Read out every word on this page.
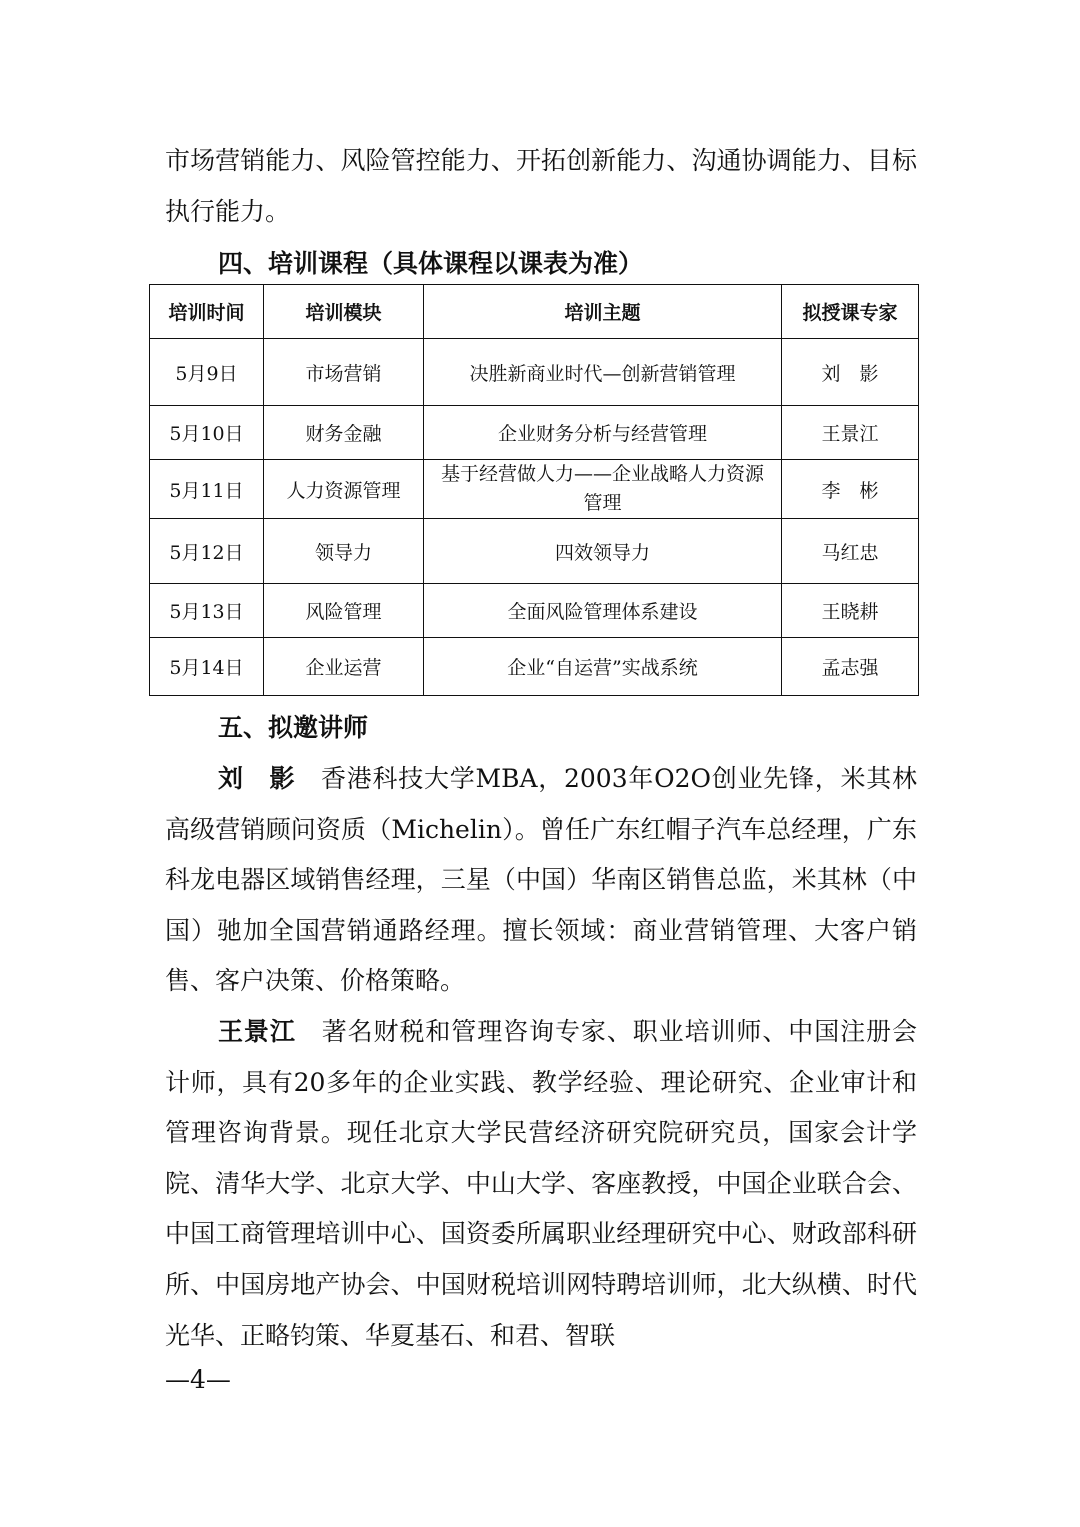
市场营销能力、风险管控能力、开拓创新能力、沟通协调能力、目标执行能力。

四、培训课程（具体课程以课表为准）

培训时间	培训模块	培训主题	拟授课专家
5月9日	市场营销	决胜新商业时代—创新营销管理	刘　影
5月10日	财务金融	企业财务分析与经营管理	王景江
5月11日	人力资源管理	基于经营做人力——企业战略人力资源管理	李　彬
5月12日	领导力	四效领导力	马红忠
5月13日	风险管理	全面风险管理体系建设	王晓耕
5月14日	企业运营	企业“自运营”实战系统	孟志强

五、拟邀讲师

刘　影　 香港科技大学MBA，2003年O2O创业先锋，米其林高级营销顾问资质（Michelin）。曾任广东红帽子汽车总经理，广东科龙电器区域销售经理，三星（中国）华南区销售总监，米其林（中国）驰加全国营销通路经理。擅长领域：商业营销管理、大客户销售、客户决策、价格策略。

王景江　 著名财税和管理咨询专家、职业培训师、中国注册会计师，具有20多年的企业实践、教学经验、理论研究、企业审计和管理咨询背景。现任北京大学民营经济研究院研究员，国家会计学院、清华大学、北京大学、中山大学、客座教授，中国企业联合会、中国工商管理培训中心、国资委所属职业经理研究中心、财政部科研所、中国房地产协会、中国财税培训网特聘培训师，北大纵横、时代光华、正略钧策、华夏基石、和君、智联

—4—
